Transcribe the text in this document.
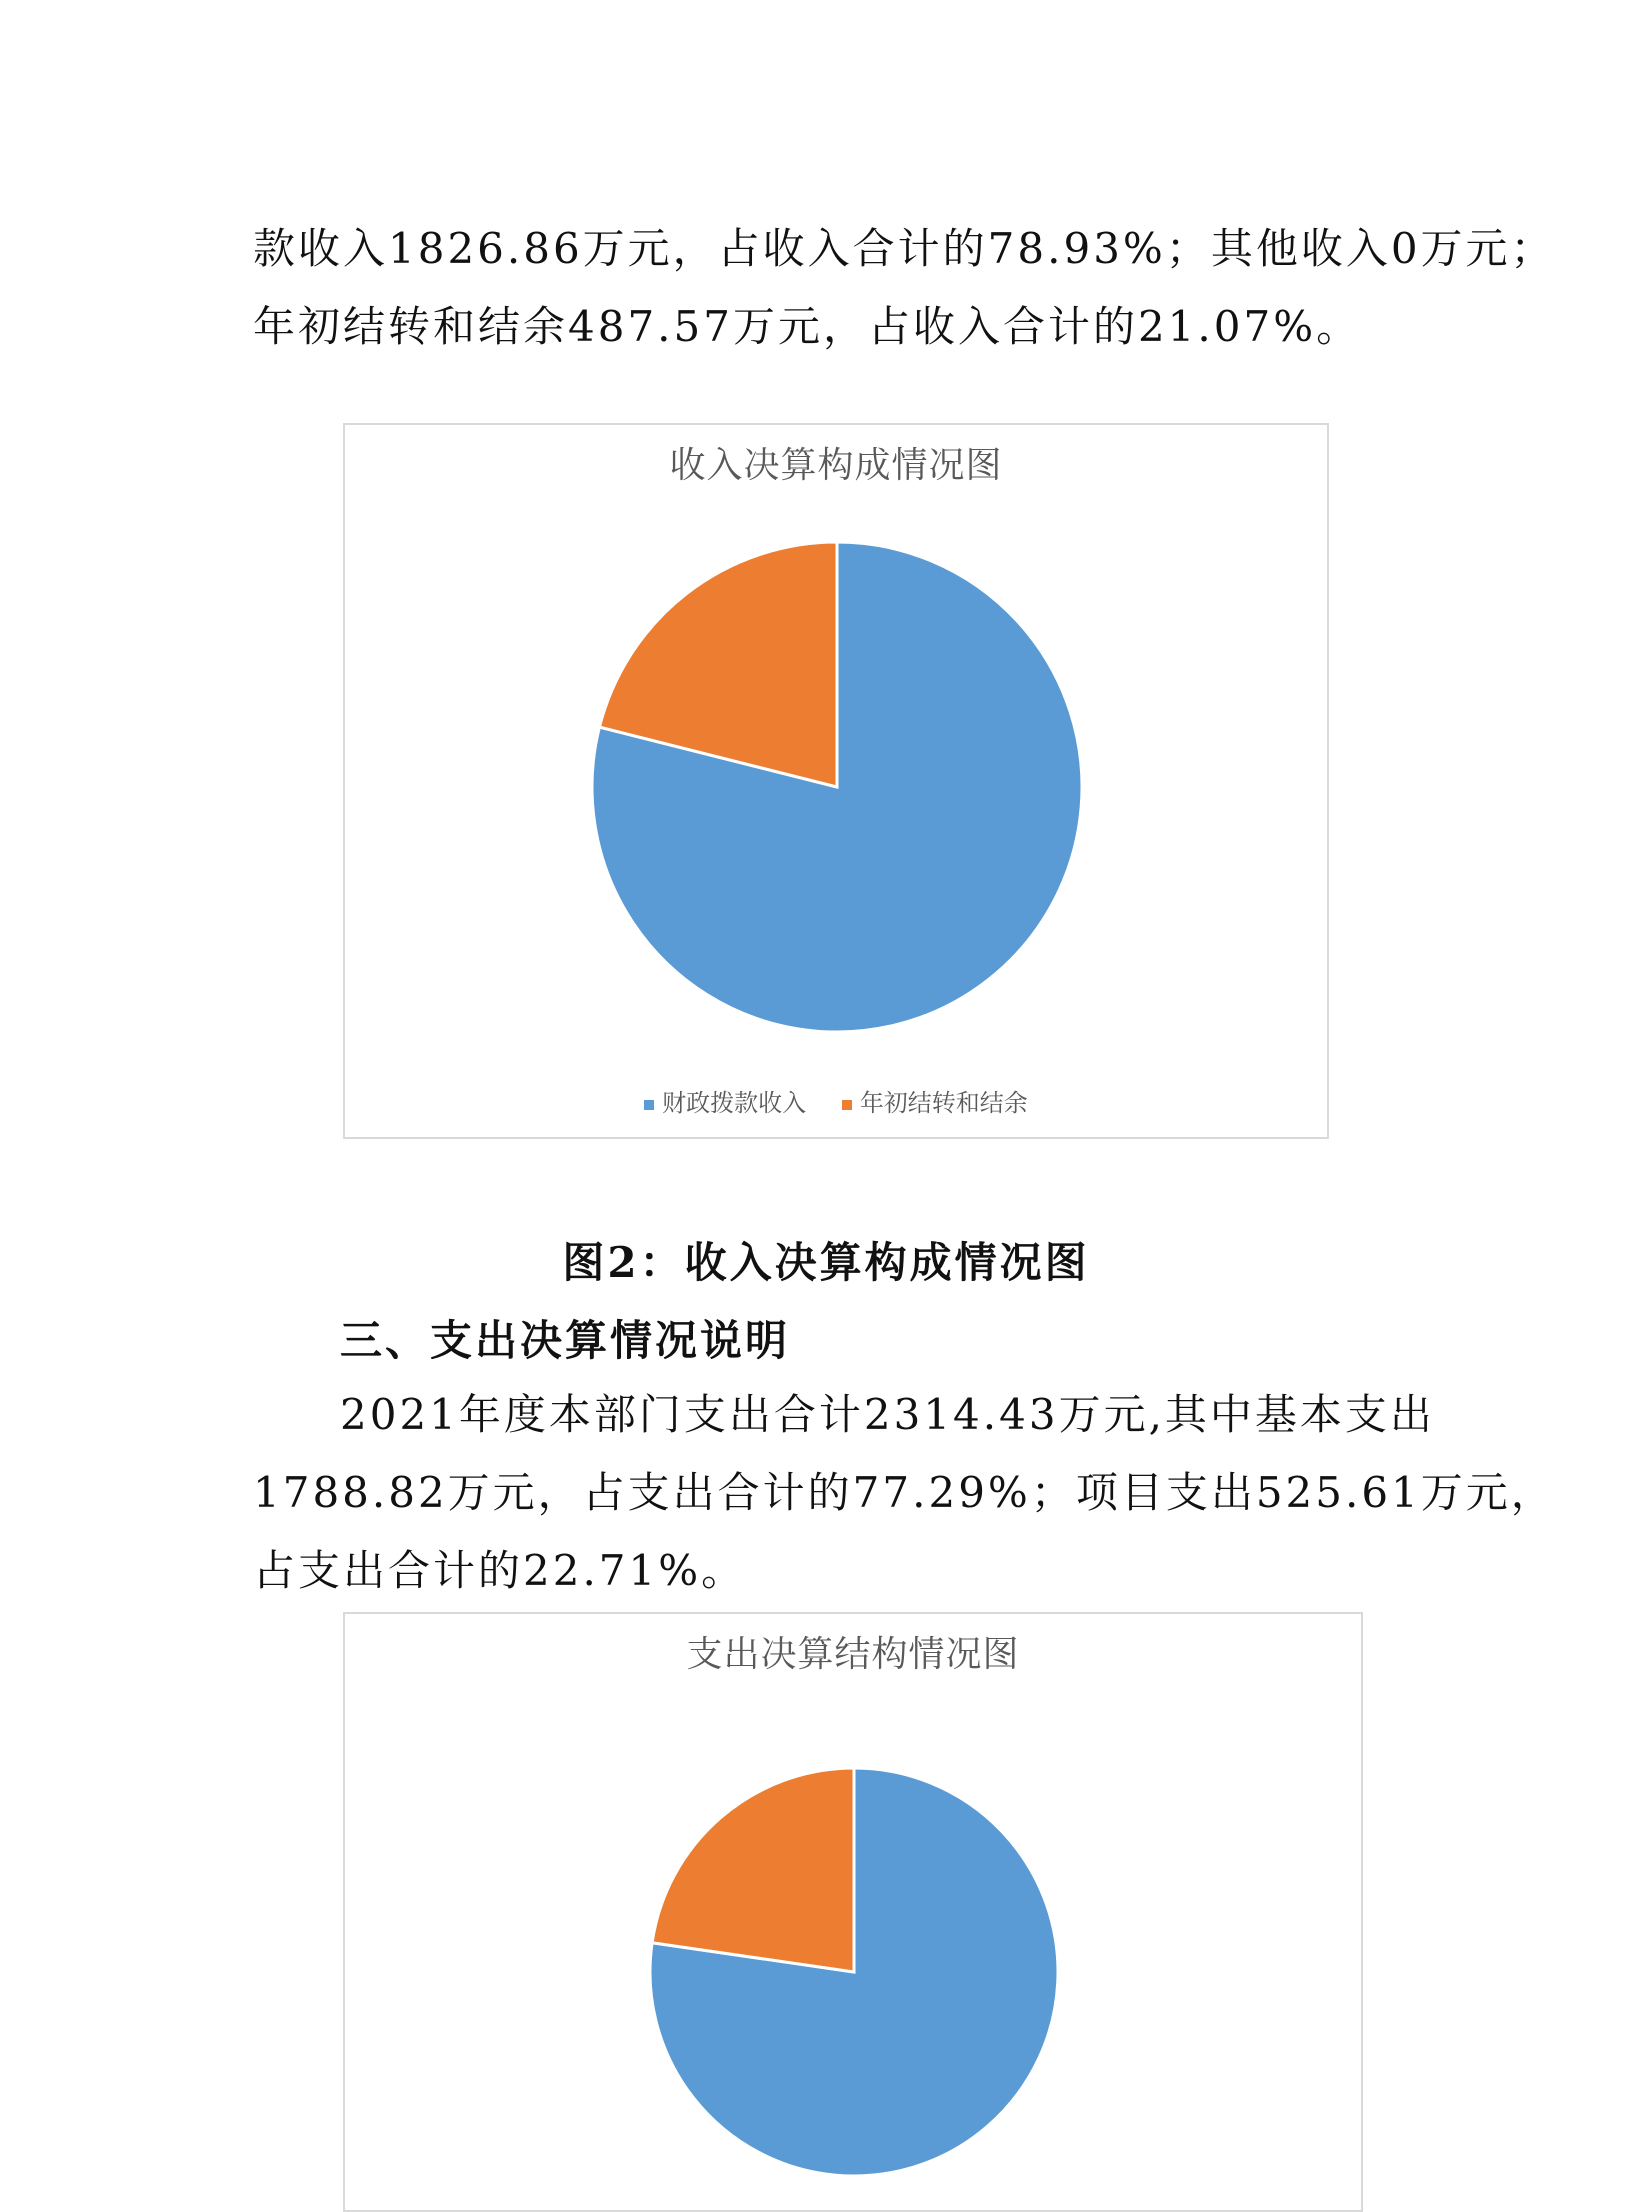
款收入1826.86万元，占收入合计的78.93%；其他收入0万元；
年初结转和结余487.57万元，占收入合计的21.07%。
收入决算构成情况图
财政拨款收入 年初结转和结余
图2：收入决算构成情况图
三、支出决算情况说明
2021年度本部门支出合计2314.43万元,其中基本支出
1788.82万元，占支出合计的77.29%；项目支出525.61万元，
占支出合计的22.71%。
支出决算结构情况图
